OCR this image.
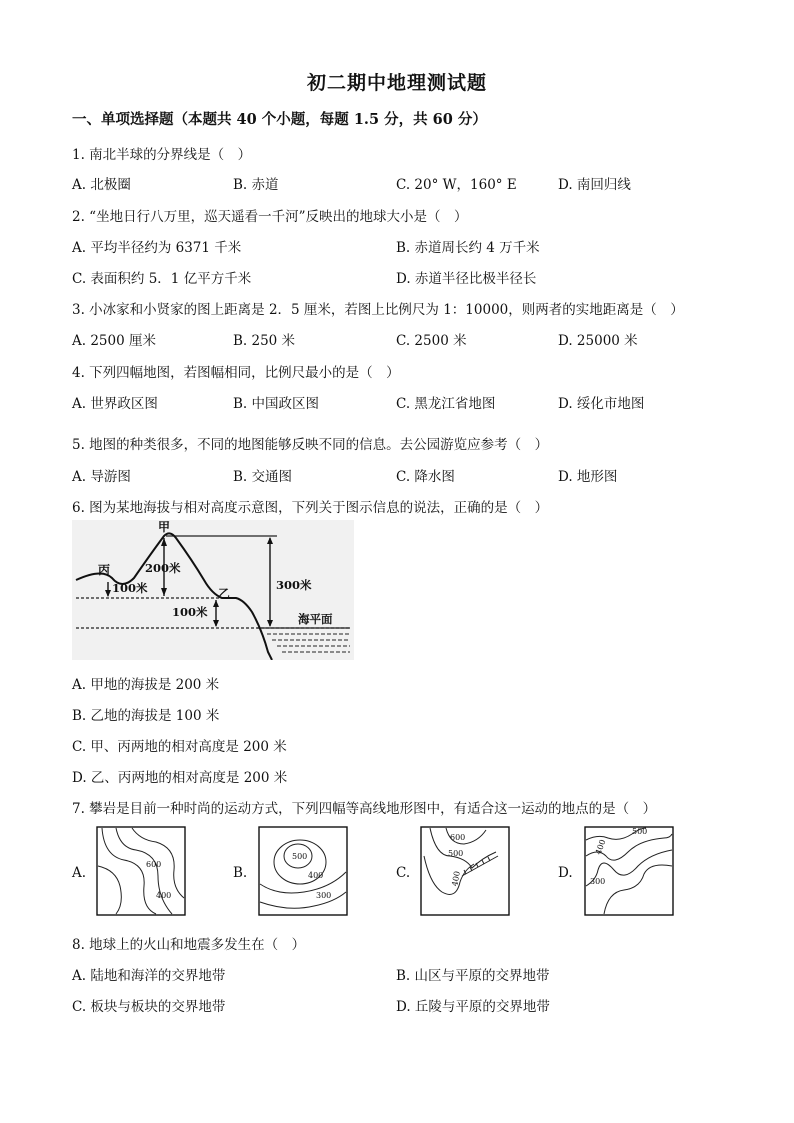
初二期中地理测试题
一、单项选择题（本题共 40 个小题，每题 1.5 分，共 60 分）
1. 南北半球的分界线是（　）
A. 北极圈	B. 赤道	C. 20° W，160° E	D. 南回归线
2. “坐地日行八万里，巡天遥看一千河”反映出的地球大小是（　）
A. 平均半径约为 6371 千米	B. 赤道周长约 4 万千米
C. 表面积约 5．1 亿平方千米	D. 赤道半径比极半径长
3. 小冰家和小贤家的图上距离是 2．5 厘米，若图上比例尺为 1：10000，则两者的实地距离是（　）
A. 2500 厘米	B. 250 米	C. 2500 米	D. 25000 米
4. 下列四幅地图，若图幅相同，比例尺最小的是（　）
A. 世界政区图	B. 中国政区图	C. 黑龙江省地图	D. 绥化市地图
5. 地图的种类很多，不同的地图能够反映不同的信息。去公园游览应参考（　）
A. 导游图	B. 交通图	C. 降水图	D. 地形图
6. 图为某地海拔与相对高度示意图，下列关于图示信息的说法，正确的是（　）
甲
丙
乙
200米
100米
100米
300米
海平面
A. 甲地的海拔是 200 米
B. 乙地的海拔是 100 米
C. 甲、丙两地的相对高度是 200 米
D. 乙、丙两地的相对高度是 200 米
7. 攀岩是目前一种时尚的运动方式，下列四幅等高线地形图中，有适合这一运动的地点的是（　）
A.
600
400
B.
500
400
300
C.
600
500
400	D.
500
400
300
8. 地球上的火山和地震多发生在（　）
A. 陆地和海洋的交界地带	B. 山区与平原的交界地带
C. 板块与板块的交界地带	D. 丘陵与平原的交界地带
